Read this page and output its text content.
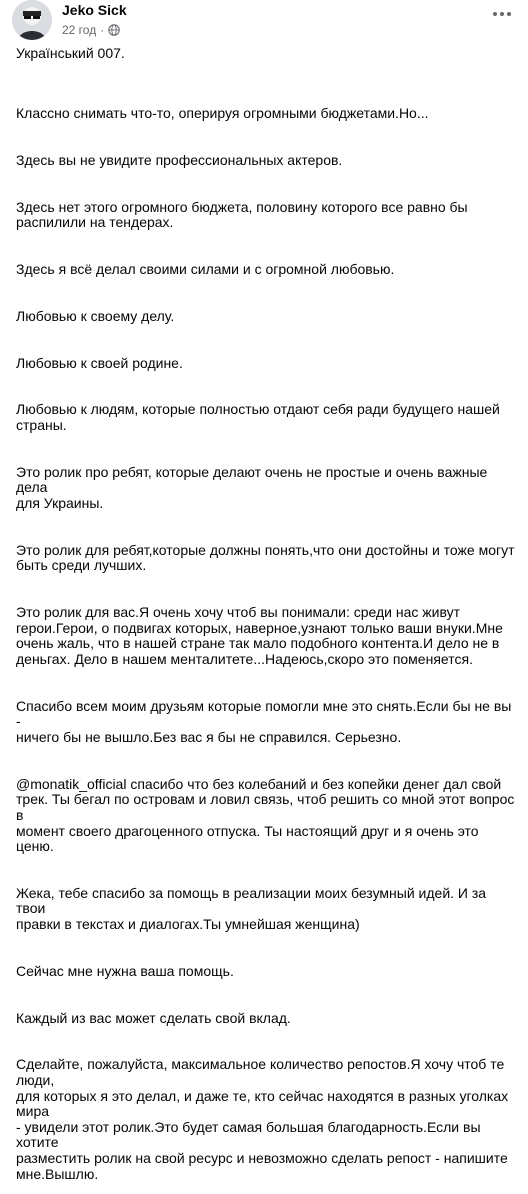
Jeko Sick
22 год ·
Український 007.

Классно снимать что-то, оперируя огромными бюджетами.Но...

Здесь вы не увидите профессиональных актеров.

Здесь нет этого огромного бюджета, половину которого все равно бы
распилили на тендерах.

Здесь я всё делал своими силами и с огромной любовью.

Любовью к своему делу.

Любовью к своей родине.

Любовью к людям, которые полностью отдают себя ради будущего нашей
страны.

Это ролик про ребят, которые делают очень не простые и очень важные дела
для Украины.

Это ролик для ребят,которые должны понять,что они достойны и тоже могут
быть среди лучших.

Это ролик для вас.Я очень хочу чтоб вы понимали: среди нас живут
герои.Герои, о подвигах которых, наверное,узнают только ваши внуки.Мне
очень жаль, что в нашей стране так мало подобного контента.И дело не в
деньгах. Дело в нашем менталитете...Надеюсь,скоро это поменяется.

Спасибо всем моим друзьям которые помогли мне это снять.Если бы не вы -
ничего бы не вышло.Без вас я бы не справился. Серьезно.

@monatik_official спасибо что без колебаний и без копейки денег дал свой
трек. Ты бегал по островам и ловил связь, чтоб решить со мной этот вопрос в
момент своего драгоценного отпуска. Ты настоящий друг и я очень это ценю.

Жека, тебе спасибо за помощь в реализации моих безумный идей. И за твои
правки в текстах и диалогах.Ты умнейшая женщина)

Сейчас мне нужна ваша помощь.

Каждый из вас может сделать свой вклад.

Сделайте, пожалуйста, максимальное количество репостов.Я хочу чтоб те люди,
для которых я это делал, и даже те, кто сейчас находятся в разных уголках мира
- увидели этот ролик.Это будет самая большая благодарность.Если вы хотите
разместить ролик на свой ресурс и невозможно сделать репост - напишите
мне.Вышлю.
